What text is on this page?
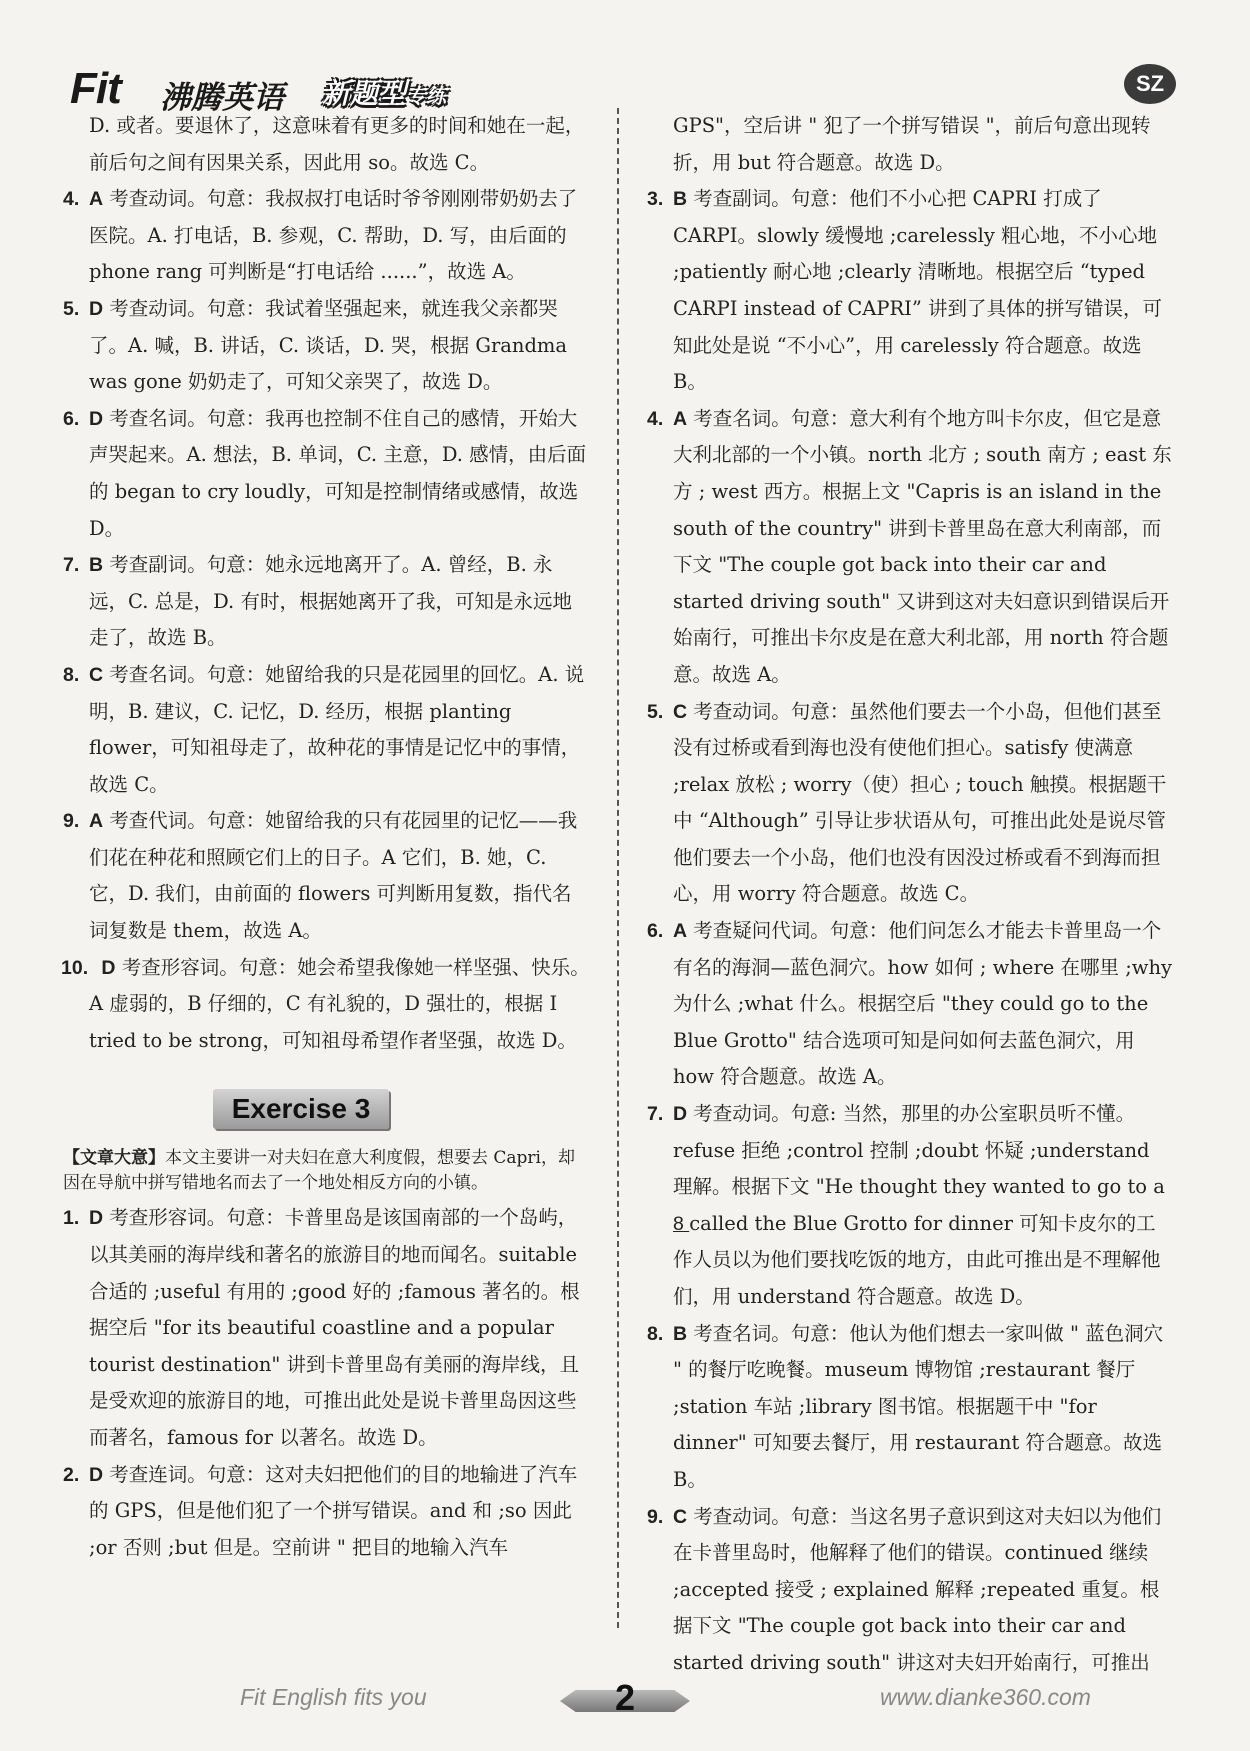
Fit 沸腾英语 新题型专练	SZ

D. 或者。要退休了，这意味着有更多的时间和她在一起，前后句之间有因果关系，因此用 so。故选 C。

4. A 考查动词。句意：我叔叔打电话时爷爷刚刚带奶奶去了医院。A. 打电话，B. 参观，C. 帮助，D. 写，由后面的 phone rang 可判断是“打电话给 ......”，故选 A。

5. D 考查动词。句意：我试着坚强起来，就连我父亲都哭了。A. 喊，B. 讲话，C. 谈话，D. 哭，根据 Grandma was gone 奶奶走了，可知父亲哭了，故选 D。

6. D 考查名词。句意：我再也控制不住自己的感情，开始大声哭起来。A. 想法，B. 单词，C. 主意，D. 感情，由后面的 began to cry loudly，可知是控制情绪或感情，故选 D。

7. B 考查副词。句意：她永远地离开了。A. 曾经，B. 永远，C. 总是，D. 有时，根据她离开了我，可知是永远地走了，故选 B。

8. C 考查名词。句意：她留给我的只是花园里的回忆。A. 说明，B. 建议，C. 记忆，D. 经历，根据 planting flower，可知祖母走了，故种花的事情是记忆中的事情，故选 C。

9. A 考查代词。句意：她留给我的只有花园里的记忆——我们花在种花和照顾它们上的日子。A 它们，B. 她，C. 它，D. 我们，由前面的 flowers 可判断用复数，指代名词复数是 them，故选 A。

10. D 考查形容词。句意：她会希望我像她一样坚强、快乐。A 虚弱的，B 仔细的，C 有礼貌的，D 强壮的，根据 I tried to be strong，可知祖母希望作者坚强，故选 D。

Exercise 3

【文章大意】本文主要讲一对夫妇在意大利度假，想要去 Capri，却因在导航中拼写错地名而去了一个地处相反方向的小镇。

1. D 考查形容词。句意：卡普里岛是该国南部的一个岛屿，以其美丽的海岸线和著名的旅游目的地而闻名。suitable 合适的 ;useful 有用的 ;good 好的 ;famous 著名的。根据空后 "for its beautiful coastline and a popular tourist destination" 讲到卡普里岛有美丽的海岸线，且是受欢迎的旅游目的地，可推出此处是说卡普里岛因这些而著名，famous for 以著名。故选 D。

2. D 考查连词。句意：这对夫妇把他们的目的地输进了汽车的 GPS，但是他们犯了一个拼写错误。and 和 ;so 因此 ;or 否则 ;but 但是。空前讲 " 把目的地输入汽车

GPS"，空后讲 " 犯了一个拼写错误 "，前后句意出现转折，用 but 符合题意。故选 D。

3. B 考查副词。句意：他们不小心把 CAPRI 打成了 CARPI。slowly 缓慢地 ;carelessly 粗心地，不小心地 ;patiently 耐心地 ;clearly 清晰地。根据空后 “typed CARPI instead of CAPRI” 讲到了具体的拼写错误，可知此处是说 “不小心”，用 carelessly 符合题意。故选 B。

4. A 考查名词。句意：意大利有个地方叫卡尔皮，但它是意大利北部的一个小镇。north 北方 ; south 南方 ; east 东方 ; west 西方。根据上文 "Capris is an island in the south of the country" 讲到卡普里岛在意大利南部，而下文 "The couple got back into their car and started driving south" 又讲到这对夫妇意识到错误后开始南行，可推出卡尔皮是在意大利北部，用 north 符合题意。故选 A。

5. C 考查动词。句意：虽然他们要去一个小岛，但他们甚至没有过桥或看到海也没有使他们担心。satisfy 使满意 ;relax 放松 ; worry（使）担心 ; touch 触摸。根据题干中 “Although” 引导让步状语从句，可推出此处是说尽管他们要去一个小岛，他们也没有因没过桥或看不到海而担心，用 worry 符合题意。故选 C。

6. A 考查疑问代词。句意：他们问怎么才能去卡普里岛一个有名的海洞—蓝色洞穴。how 如何 ; where 在哪里 ;why 为什么 ;what 什么。根据空后 "they could go to the Blue Grotto" 结合选项可知是问如何去蓝色洞穴，用 how 符合题意。故选 A。

7. D 考查动词。句意: 当然，那里的办公室职员听不懂。refuse 拒绝 ;control 控制 ;doubt 怀疑 ;understand 理解。根据下文 "He thought they wanted to go to a 8 called the Blue Grotto for dinner 可知卡皮尔的工作人员以为他们要找吃饭的地方，由此可推出是不理解他们，用 understand 符合题意。故选 D。

8. B 考查名词。句意：他认为他们想去一家叫做 " 蓝色洞穴 " 的餐厅吃晚餐。museum 博物馆 ;restaurant 餐厅 ;station 车站 ;library 图书馆。根据题干中 "for dinner" 可知要去餐厅，用 restaurant 符合题意。故选 B。

9. C 考查动词。句意：当这名男子意识到这对夫妇以为他们在卡普里岛时，他解释了他们的错误。continued 继续 ;accepted 接受 ; explained 解释 ;repeated 重复。根据下文 "The couple got back into their car and started driving south" 讲这对夫妇开始南行，可推出

Fit English fits you	2	www.dianke360.com
